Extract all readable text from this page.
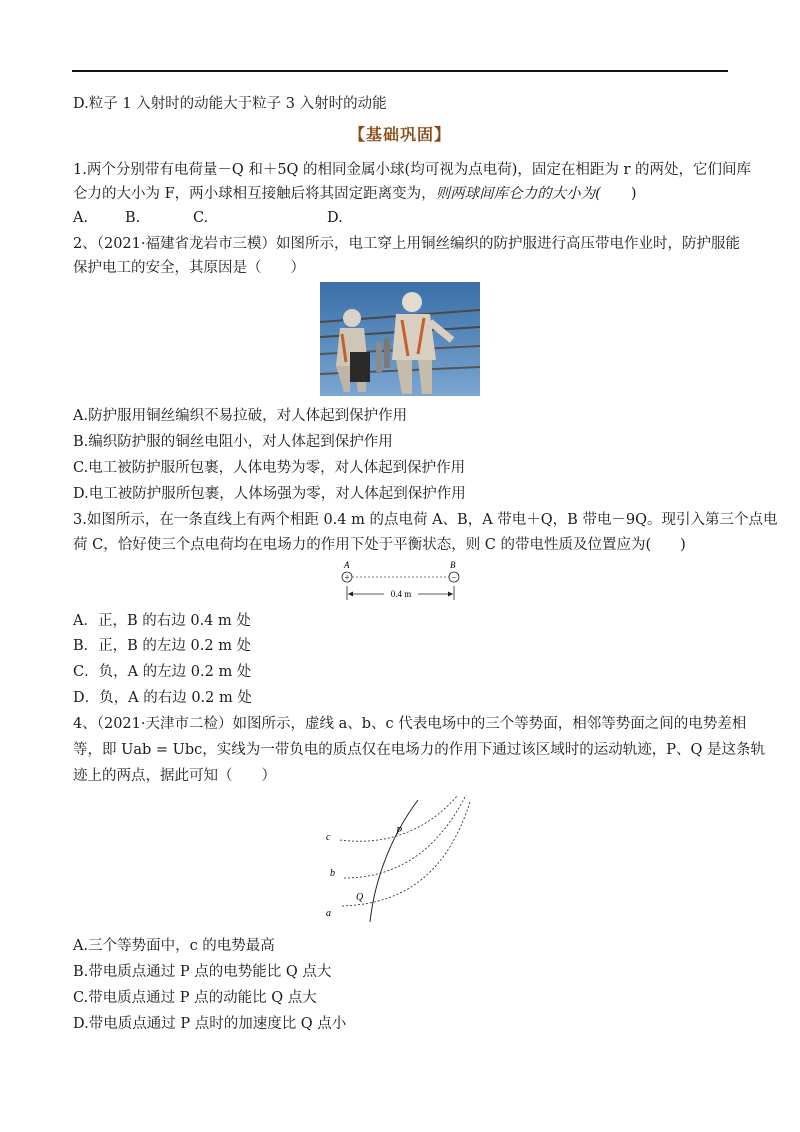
D.粒子 1 入射时的动能大于粒子 3 入射时的动能
【基础巩固】
1.两个分别带有电荷量－Q 和＋5Q 的相同金属小球(均可视为点电荷)，固定在相距为 r 的两处，它们间库
仑力的大小为 F，两小球相互接触后将其固定距离变为，则两球间库仑力的大小为( )
A.	B.	C.	D.
2、（2021·福建省龙岩市三模）如图所示，电工穿上用铜丝编织的防护服进行高压带电作业时，防护服能
保护电工的安全，其原因是（　　）
A.防护服用铜丝编织不易拉破，对人体起到保护作用
B.编织防护服的铜丝电阻小，对人体起到保护作用
C.电工被防护服所包裹，人体电势为零，对人体起到保护作用
D.电工被防护服所包裹，人体场强为零，对人体起到保护作用
3.如图所示，在一条直线上有两个相距 0.4 m 的点电荷 A、B，A 带电＋Q，B 带电－9Q。现引入第三个点电
荷 C，恰好使三个点电荷均在电场力的作用下处于平衡状态，则 C 的带电性质及位置应为(　　)
A	B
+	−
0.4 m
A．正，B 的右边 0.4 m 处
B．正，B 的左边 0.2 m 处
C．负，A 的左边 0.2 m 处
D．负，A 的右边 0.2 m 处
4、（2021·天津市二检）如图所示，虚线 a、b、c 代表电场中的三个等势面，相邻等势面之间的电势差相
等，即 Uab = Ubc，实线为一带负电的质点仅在电场力的作用下通过该区域时的运动轨迹，P、Q 是这条轨
迹上的两点，据此可知（　　）
c
b
a
P
Q
A.三个等势面中，c 的电势最高
B.带电质点通过 P 点的电势能比 Q 点大
C.带电质点通过 P 点的动能比 Q 点大
D.带电质点通过 P 点时的加速度比 Q 点小
